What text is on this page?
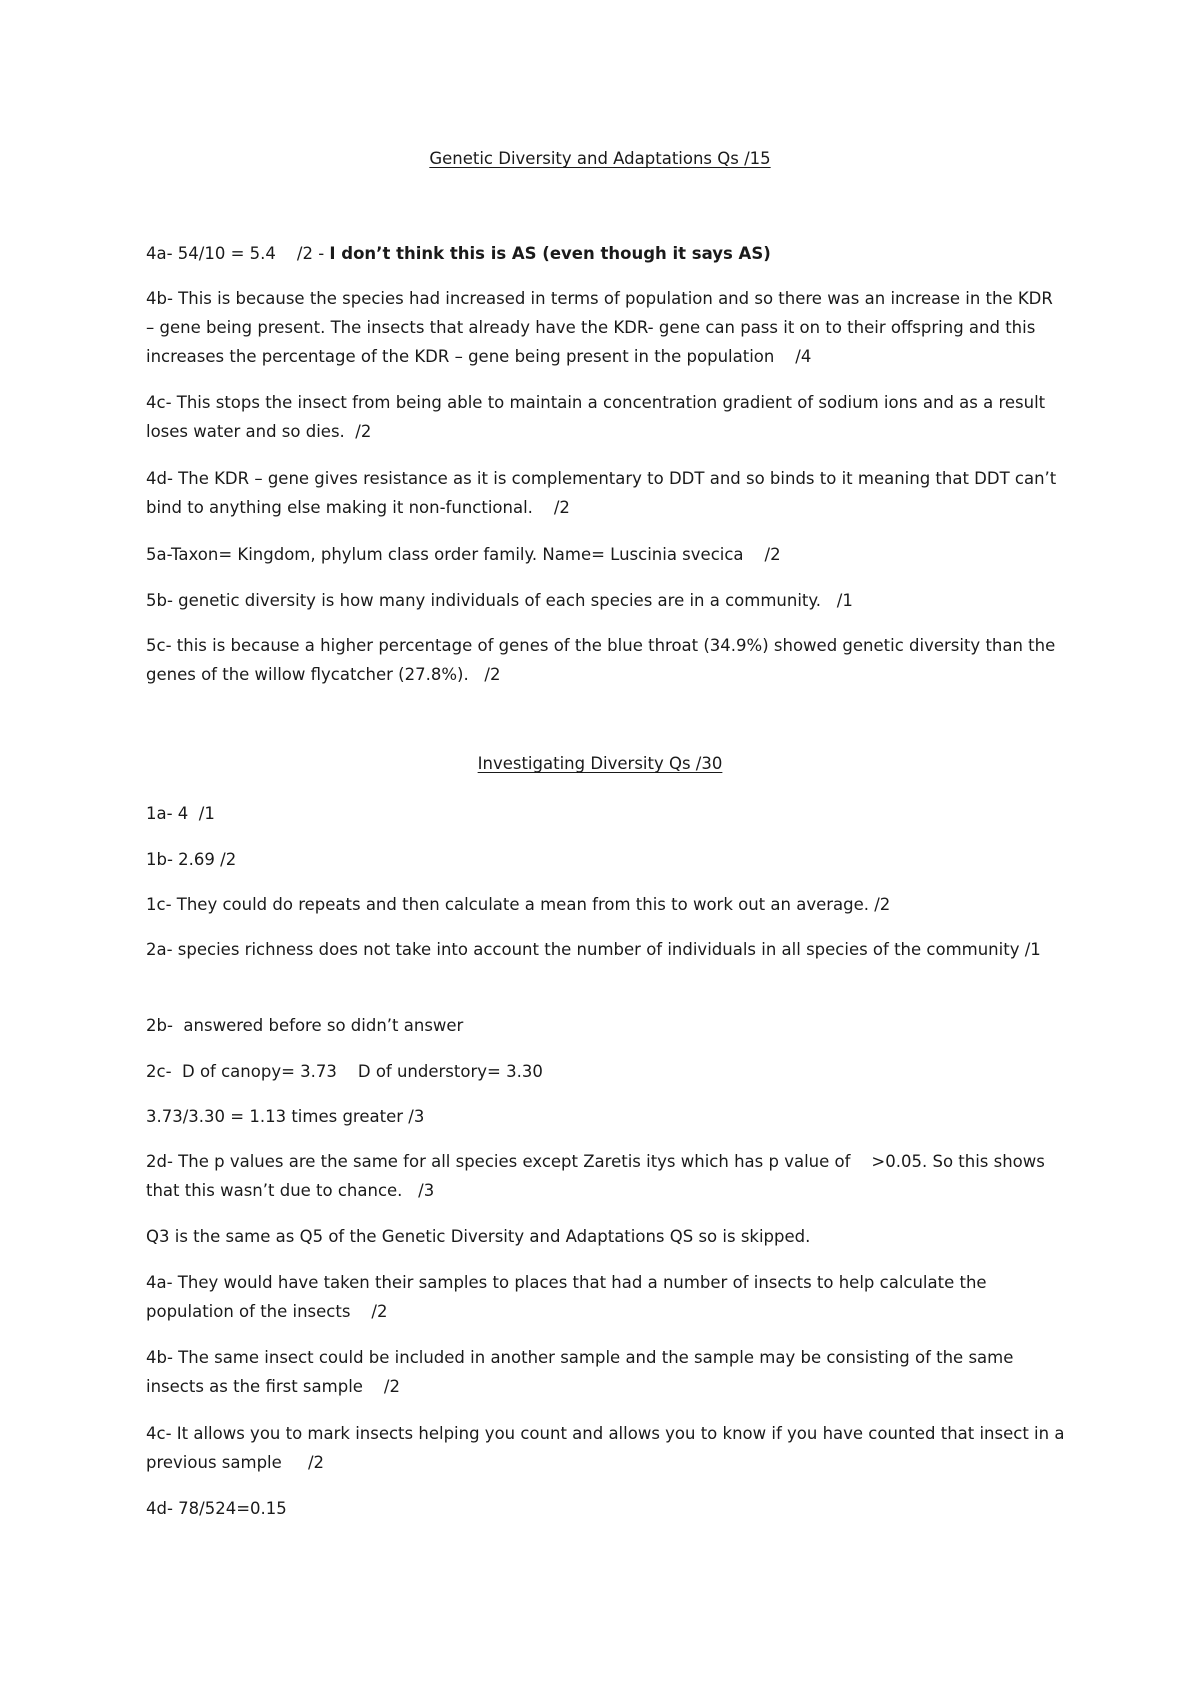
Genetic Diversity and Adaptations Qs /15

4a- 54/10 = 5.4    /2 - I don’t think this is AS (even though it says AS)

4b- This is because the species had increased in terms of population and so there was an increase in the KDR – gene being present. The insects that already have the KDR- gene can pass it on to their offspring and this increases the percentage of the KDR – gene being present in the population    /4

4c- This stops the insect from being able to maintain a concentration gradient of sodium ions and as a result loses water and so dies.  /2

4d- The KDR – gene gives resistance as it is complementary to DDT and so binds to it meaning that DDT can’t bind to anything else making it non-functional.    /2

5a-Taxon= Kingdom, phylum class order family. Name= Luscinia svecica    /2

5b- genetic diversity is how many individuals of each species are in a community.   /1

5c- this is because a higher percentage of genes of the blue throat (34.9%) showed genetic diversity than the genes of the willow flycatcher (27.8%).   /2

Investigating Diversity Qs /30

1a- 4  /1

1b- 2.69 /2

1c- They could do repeats and then calculate a mean from this to work out an average. /2

2a- species richness does not take into account the number of individuals in all species of the community /1

2b-  answered before so didn’t answer

2c-  D of canopy= 3.73    D of understory= 3.30

3.73/3.30 = 1.13 times greater /3

2d- The p values are the same for all species except Zaretis itys which has p value of    >0.05. So this shows that this wasn’t due to chance.   /3

Q3 is the same as Q5 of the Genetic Diversity and Adaptations QS so is skipped.

4a- They would have taken their samples to places that had a number of insects to help calculate the population of the insects    /2

4b- The same insect could be included in another sample and the sample may be consisting of the same insects as the first sample    /2

4c- It allows you to mark insects helping you count and allows you to know if you have counted that insect in a previous sample     /2

4d- 78/524=0.15
